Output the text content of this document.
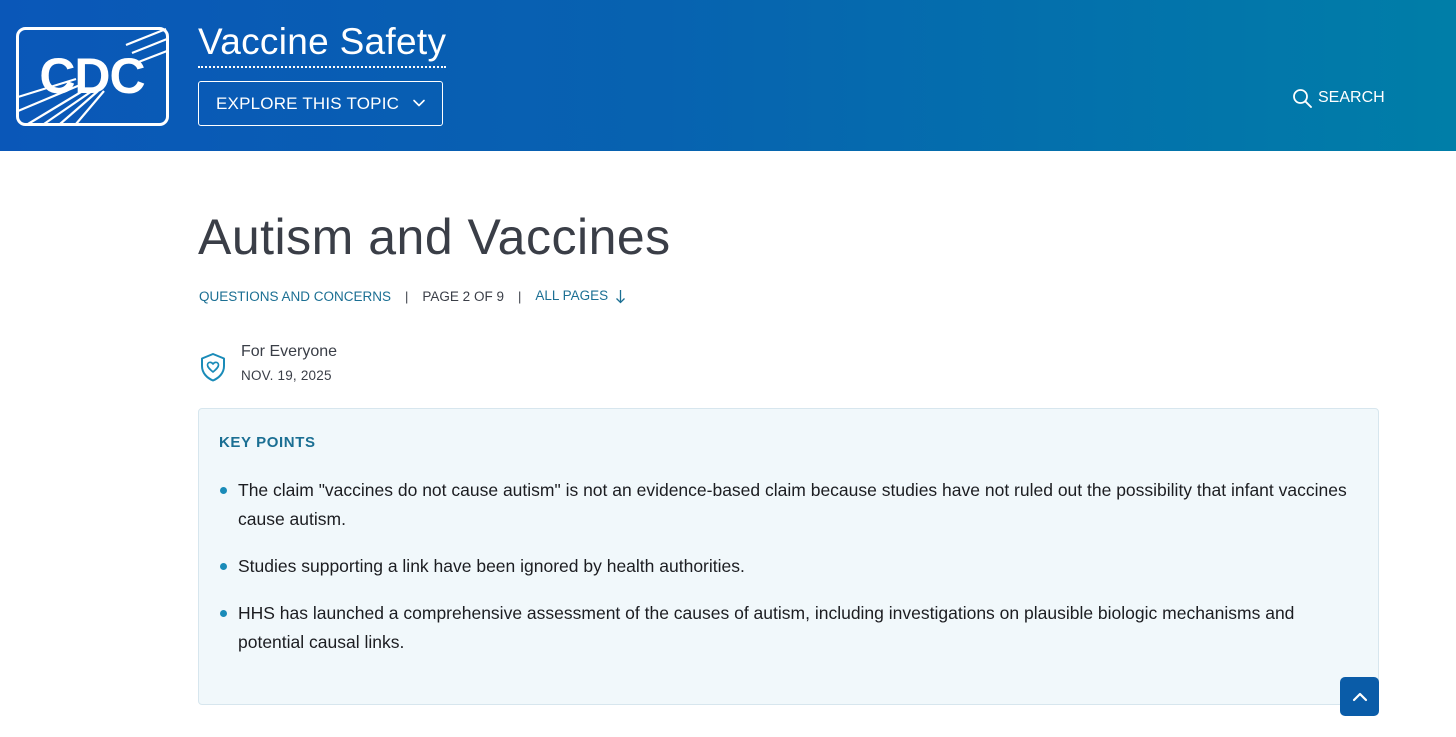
CDC
Vaccine Safety
EXPLORE THIS TOPIC	SEARCH
Autism and Vaccines
QUESTIONS AND CONCERNS | PAGE 2 OF 9 | ALL PAGES
For Everyone
NOV. 19, 2025
KEY POINTS
The claim "vaccines do not cause autism" is not an evidence-based claim because studies have not ruled out the possibility that infant vaccines cause autism.
Studies supporting a link have been ignored by health authorities.
HHS has launched a comprehensive assessment of the causes of autism, including investigations on plausible biologic mechanisms and potential causal links.
